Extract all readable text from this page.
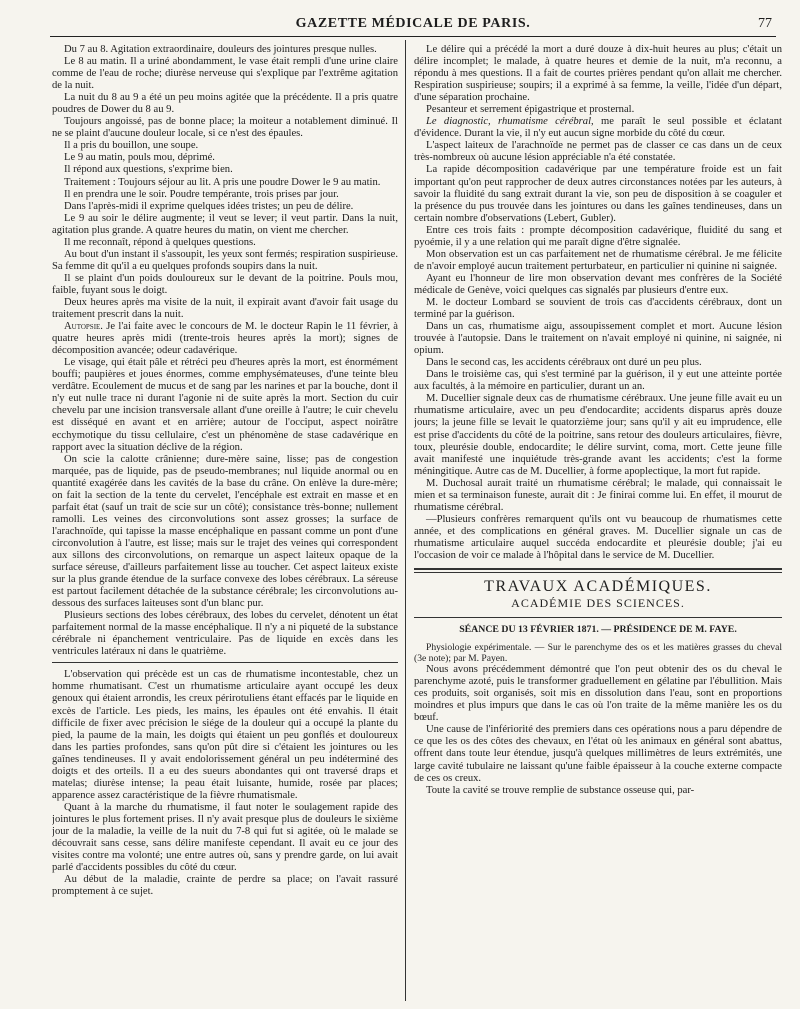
GAZETTE MÉDICALE DE PARIS.	77

Du 7 au 8. Agitation extraordinaire, douleurs des jointures presque nulles.

Le 8 au matin. Il a uriné abondamment, le vase était rempli d'une urine claire comme de l'eau de roche; diurèse nerveuse qui s'explique par l'extrême agitation de la nuit.

La nuit du 8 au 9 a été un peu moins agitée que la précédente. Il a pris quatre poudres de Dower du 8 au 9.

Toujours angoissé, pas de bonne place; la moiteur a notablement diminué. Il ne se plaint d'aucune douleur locale, si ce n'est des épaules.

Il a pris du bouillon, une soupe.

Le 9 au matin, pouls mou, déprimé.

Il répond aux questions, s'exprime bien.

Traitement : Toujours séjour au lit. A pris une poudre Dower le 9 au matin.

Il en prendra une le soir. Poudre tempérante, trois prises par jour.

Dans l'après-midi il exprime quelques idées tristes; un peu de délire.

Le 9 au soir le délire augmente; il veut se lever; il veut partir. Dans la nuit, agitation plus grande. A quatre heures du matin, on vient me chercher.

Il me reconnaît, répond à quelques questions.

Au bout d'un instant il s'assoupit, les yeux sont fermés; respiration suspirieuse. Sa femme dit qu'il a eu quelques profonds soupirs dans la nuit.

Il se plaint d'un poids douloureux sur le devant de la poitrine. Pouls mou, faible, fuyant sous le doigt.

Deux heures après ma visite de la nuit, il expirait avant d'avoir fait usage du traitement prescrit dans la nuit.

Autopsie. Je l'ai faite avec le concours de M. le docteur Rapin le 11 février, à quatre heures après midi (trente-trois heures après la mort); signes de décomposition avancée; odeur cadavérique.

Le visage, qui était pâle et rétréci peu d'heures après la mort, est énormément bouffi; paupières et joues énormes, comme emphysémateuses, d'une teinte bleu verdâtre. Ecoulement de mucus et de sang par les narines et par la bouche, dont il n'y eut nulle trace ni durant l'agonie ni de suite après la mort. Section du cuir chevelu par une incision transversale allant d'une oreille à l'autre; le cuir chevelu est disséqué en avant et en arrière; autour de l'occiput, aspect noirâtre ecchymotique du tissu cellulaire, c'est un phénomène de stase cadavérique en rapport avec la situation déclive de la région.

On scie la calotte crânienne; dure-mère saine, lisse; pas de congestion marquée, pas de liquide, pas de pseudo-membranes; nul liquide anormal ou en quantité exagérée dans les cavités de la base du crâne. On enlève la dure-mère; on fait la section de la tente du cervelet, l'encéphale est extrait en masse et en parfait état (sauf un trait de scie sur un côté); consistance très-bonne; nullement ramolli. Les veines des circonvolutions sont assez grosses; la surface de l'arachnoïde, qui tapisse la masse encéphalique en passant comme un pont d'une circonvolution à l'autre, est lisse; mais sur le trajet des veines qui correspondent aux sillons des circonvolutions, on remarque un aspect laiteux opaque de la surface séreuse, d'ailleurs parfaitement lisse au toucher. Cet aspect laiteux existe sur la plus grande étendue de la surface convexe des lobes cérébraux. La séreuse est partout facilement détachée de la substance cérébrale; les circonvolutions au-dessous des surfaces laiteuses sont d'un blanc pur.

Plusieurs sections des lobes cérébraux, des lobes du cervelet, dénotent un état parfaitement normal de la masse encéphalique. Il n'y a ni piqueté de la substance cérébrale ni épanchement ventriculaire. Pas de liquide en excès dans les ventricules latéraux ni dans le quatrième.

L'observation qui précède est un cas de rhumatisme incontestable, chez un homme rhumatisant. C'est un rhumatisme articulaire ayant occupé les deux genoux qui étaient arrondis, les creux périrotuliens étant effacés par le liquide en excès de l'article. Les pieds, les mains, les épaules ont été envahis. Il était difficile de fixer avec précision le siége de la douleur qui a occupé la plante du pied, la paume de la main, les doigts qui étaient un peu gonflés et douloureux dans les parties profondes, sans qu'on pût dire si c'étaient les jointures ou les gaînes tendineuses. Il y avait endolorissement général un peu indéterminé des doigts et des orteils. Il a eu des sueurs abondantes qui ont traversé draps et matelas; diurèse intense; la peau était luisante, humide, rosée par places; apparence assez caractéristique de la fièvre rhumatismale.

Quant à la marche du rhumatisme, il faut noter le soulagement rapide des jointures le plus fortement prises. Il n'y avait presque plus de douleurs le sixième jour de la maladie, la veille de la nuit du 7-8 qui fut si agitée, où le malade se découvrait sans cesse, sans délire manifeste cependant. Il avait eu ce jour des visites contre ma volonté; une entre autres où, sans y prendre garde, on lui avait parlé d'accidents possibles du côté du cœur.

Au début de la maladie, crainte de perdre sa place; on l'avait rassuré promptement à ce sujet.

Le délire qui a précédé la mort a duré douze à dix-huit heures au plus; c'était un délire incomplet; le malade, à quatre heures et demie de la nuit, m'a reconnu, a répondu à mes questions. Il a fait de courtes prières pendant qu'on allait me chercher. Respiration suspirieuse; soupirs; il a exprimé à sa femme, la veille, l'idée d'un départ, d'une séparation prochaine.

Pesanteur et serrement épigastrique et prosternal.

Le diagnostic, rhumatisme cérébral, me paraît le seul possible et éclatant d'évidence. Durant la vie, il n'y eut aucun signe morbide du côté du cœur.

L'aspect laiteux de l'arachnoïde ne permet pas de classer ce cas dans un de ceux très-nombreux où aucune lésion appréciable n'a été constatée.

La rapide décomposition cadavérique par une température froide est un fait important qu'on peut rapprocher de deux autres circonstances notées par les auteurs, à savoir la fluidité du sang extrait durant la vie, son peu de disposition à se coaguler et la présence du pus trouvée dans les jointures ou dans les gaînes tendineuses, dans un certain nombre d'observations (Lebert, Gubler).

Entre ces trois faits : prompte décomposition cadavérique, fluidité du sang et pyoémie, il y a une relation qui me paraît digne d'être signalée.

Mon observation est un cas parfaitement net de rhumatisme cérébral. Je me félicite de n'avoir employé aucun traitement perturbateur, en particulier ni quinine ni saignée.

Ayant eu l'honneur de lire mon observation devant mes confrères de la Société médicale de Genève, voici quelques cas signalés par plusieurs d'entre eux.

M. le docteur Lombard se souvient de trois cas d'accidents cérébraux, dont un terminé par la guérison.

Dans un cas, rhumatisme aigu, assoupissement complet et mort. Aucune lésion trouvée à l'autopsie. Dans le traitement on n'avait employé ni quinine, ni saignée, ni opium.

Dans le second cas, les accidents cérébraux ont duré un peu plus.

Dans le troisième cas, qui s'est terminé par la guérison, il y eut une atteinte portée aux facultés, à la mémoire en particulier, durant un an.

M. Ducellier signale deux cas de rhumatisme cérébraux. Une jeune fille avait eu un rhumatisme articulaire, avec un peu d'endocardite; accidents disparus après douze jours; la jeune fille se levait le quatorzième jour; sans qu'il y ait eu imprudence, elle est prise d'accidents du côté de la poitrine, sans retour des douleurs articulaires, fièvre, toux, pleurésie double, endocardite; le délire survint, coma, mort. Cette jeune fille avait manifesté une inquiétude très-grande avant les accidents; c'est la forme méningitique. Autre cas de M. Ducellier, à forme apoplectique, la mort fut rapide.

M. Duchosal aurait traité un rhumatisme cérébral; le malade, qui connaissait le mien et sa terminaison funeste, aurait dit : Je finirai comme lui. En effet, il mourut de rhumatisme cérébral.

—Plusieurs confrères remarquent qu'ils ont vu beaucoup de rhumatismes cette année, et des complications en général graves. M. Ducellier signale un cas de rhumatisme articulaire auquel succéda endocardite et pleurésie double; j'ai eu l'occasion de voir ce malade à l'hôpital dans le service de M. Ducellier.

TRAVAUX ACADÉMIQUES.

ACADÉMIE DES SCIENCES.

SÉANCE DU 13 FÉVRIER 1871. — PRÉSIDENCE DE M. FAYE.

Physiologie expérimentale. — Sur le parenchyme des os et les matières grasses du cheval (3e note); par M. Payen.

Nous avons précédemment démontré que l'on peut obtenir des os du cheval le parenchyme azoté, puis le transformer graduellement en gélatine par l'ébullition. Mais ces produits, soit organisés, soit mis en dissolution dans l'eau, sont en proportions moindres et plus impurs que dans le cas où l'on traite de la même manière les os du bœuf.

Une cause de l'infériorité des premiers dans ces opérations nous a paru dépendre de ce que les os des côtes des chevaux, en l'état où les animaux en général sont abattus, offrent dans toute leur étendue, jusqu'à quelques millimètres de leurs extrémités, une large cavité tubulaire ne laissant qu'une faible épaisseur à la couche externe compacte de ces os creux.

Toute la cavité se trouve remplie de substance osseuse qui, par-
